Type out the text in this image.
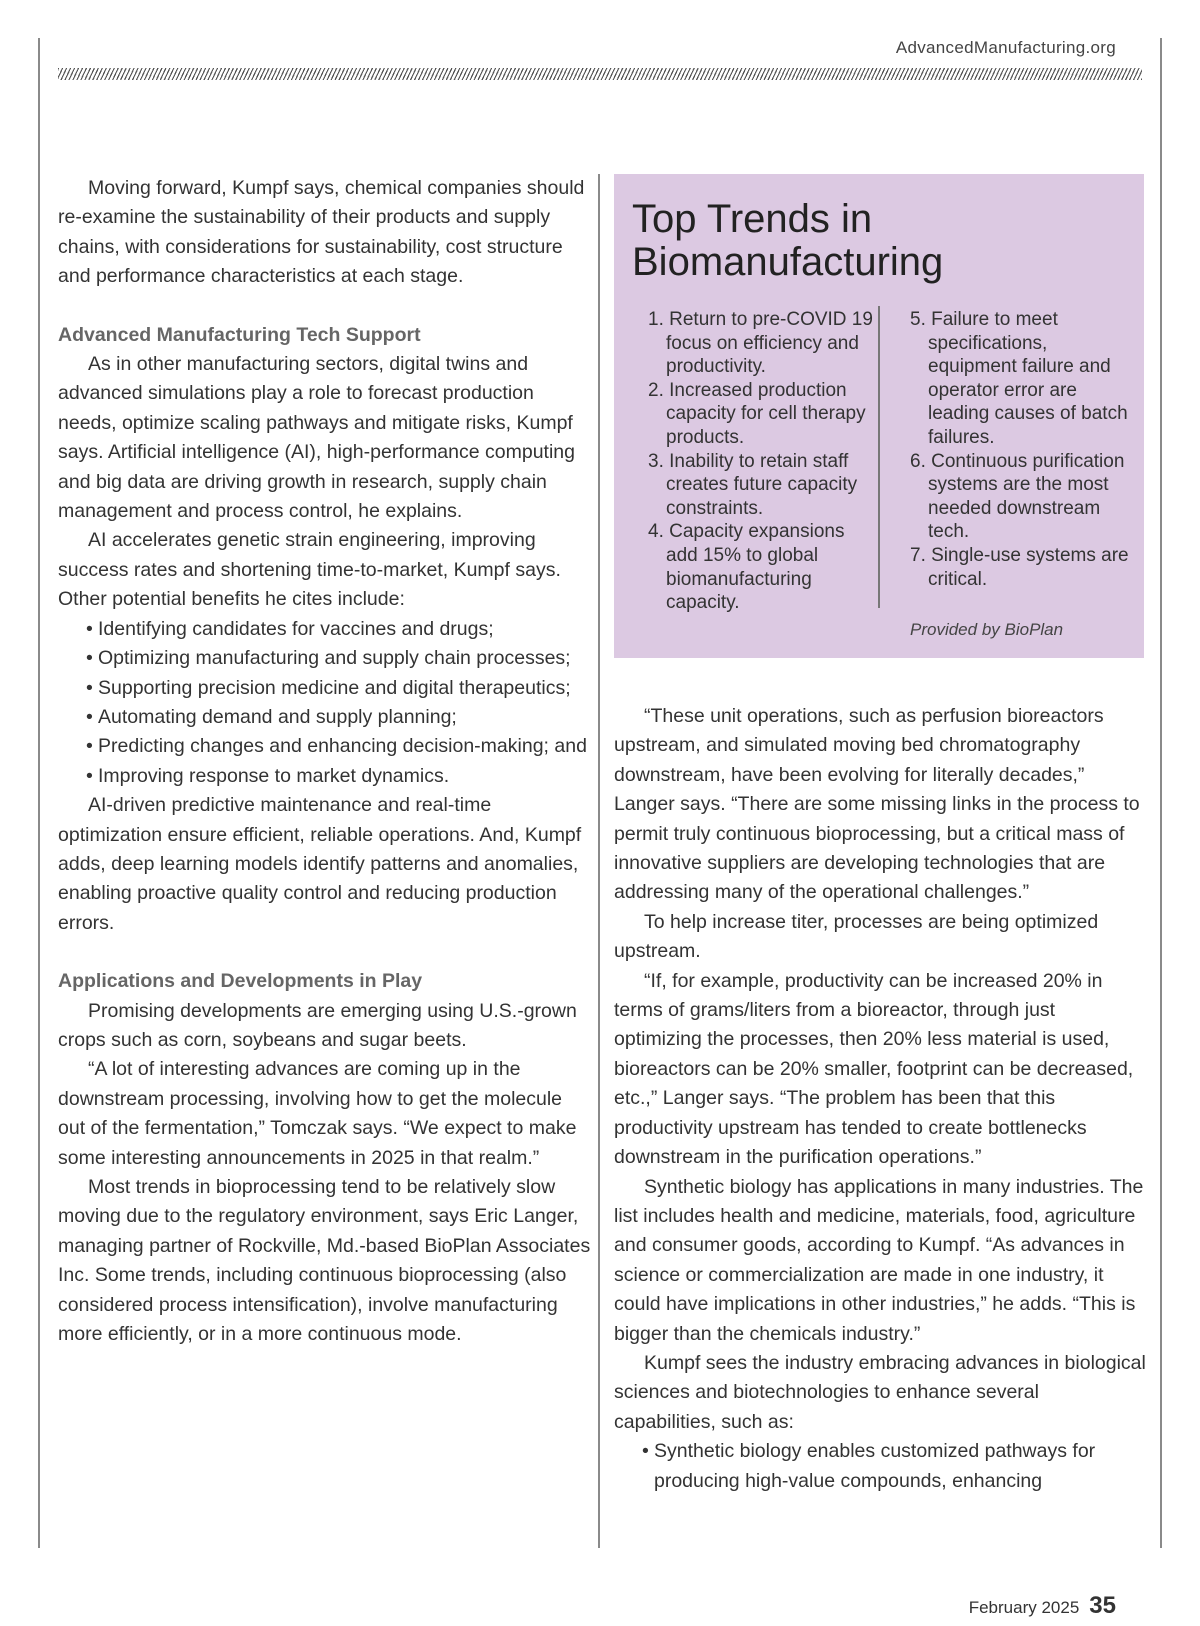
AdvancedManufacturing.org

Moving forward, Kumpf says, chemical companies should re-examine the sustainability of their products and supply chains, with considerations for sustainability, cost structure and performance characteristics at each stage.

Advanced Manufacturing Tech Support

As in other manufacturing sectors, digital twins and advanced simulations play a role to forecast production needs, optimize scaling pathways and mitigate risks, Kumpf says. Artificial intelligence (AI), high-performance computing and big data are driving growth in research, supply chain management and process control, he explains.

AI accelerates genetic strain engineering, improving success rates and shortening time-to-market, Kumpf says. Other potential benefits he cites include:

• Identifying candidates for vaccines and drugs;
• Optimizing manufacturing and supply chain processes;
• Supporting precision medicine and digital therapeutics;
• Automating demand and supply planning;
• Predicting changes and enhancing decision-making; and
• Improving response to market dynamics.

AI-driven predictive maintenance and real-time optimization ensure efficient, reliable operations. And, Kumpf adds, deep learning models identify patterns and anomalies, enabling proactive quality control and reducing production errors.

Applications and Developments in Play

Promising developments are emerging using U.S.-grown crops such as corn, soybeans and sugar beets.

“A lot of interesting advances are coming up in the downstream processing, involving how to get the molecule out of the fermentation,” Tomczak says. “We expect to make some interesting announcements in 2025 in that realm.”

Most trends in bioprocessing tend to be relatively slow moving due to the regulatory environment, says Eric Langer, managing partner of Rockville, Md.-based BioPlan Associates Inc. Some trends, including continuous bioprocessing (also considered process intensification), involve manufacturing more efficiently, or in a more continuous mode.

Top Trends in Biomanufacturing
1. Return to pre-COVID 19 focus on efficiency and productivity.
2. Increased production capacity for cell therapy products.
3. Inability to retain staff creates future capacity constraints.
4. Capacity expansions add 15% to global biomanufacturing capacity.
5. Failure to meet specifications, equipment failure and operator error are leading causes of batch failures.
6. Continuous purification systems are the most needed downstream tech.
7. Single-use systems are critical.
Provided by BioPlan

“These unit operations, such as perfusion bioreactors upstream, and simulated moving bed chromatography downstream, have been evolving for literally decades,” Langer says. “There are some missing links in the process to permit truly continuous bioprocessing, but a critical mass of innovative suppliers are developing technologies that are addressing many of the operational challenges.”

To help increase titer, processes are being optimized upstream.

“If, for example, productivity can be increased 20% in terms of grams/liters from a bioreactor, through just optimizing the processes, then 20% less material is used, bioreactors can be 20% smaller, footprint can be decreased, etc.,” Langer says. “The problem has been that this productivity upstream has tended to create bottlenecks downstream in the purification operations.”

Synthetic biology has applications in many industries. The list includes health and medicine, materials, food, agriculture and consumer goods, according to Kumpf. “As advances in science or commercialization are made in one industry, it could have implications in other industries,” he adds. “This is bigger than the chemicals industry.”

Kumpf sees the industry embracing advances in biological sciences and biotechnologies to enhance several capabilities, such as:

• Synthetic biology enables customized pathways for producing high-value compounds, enhancing
February 2025 35
